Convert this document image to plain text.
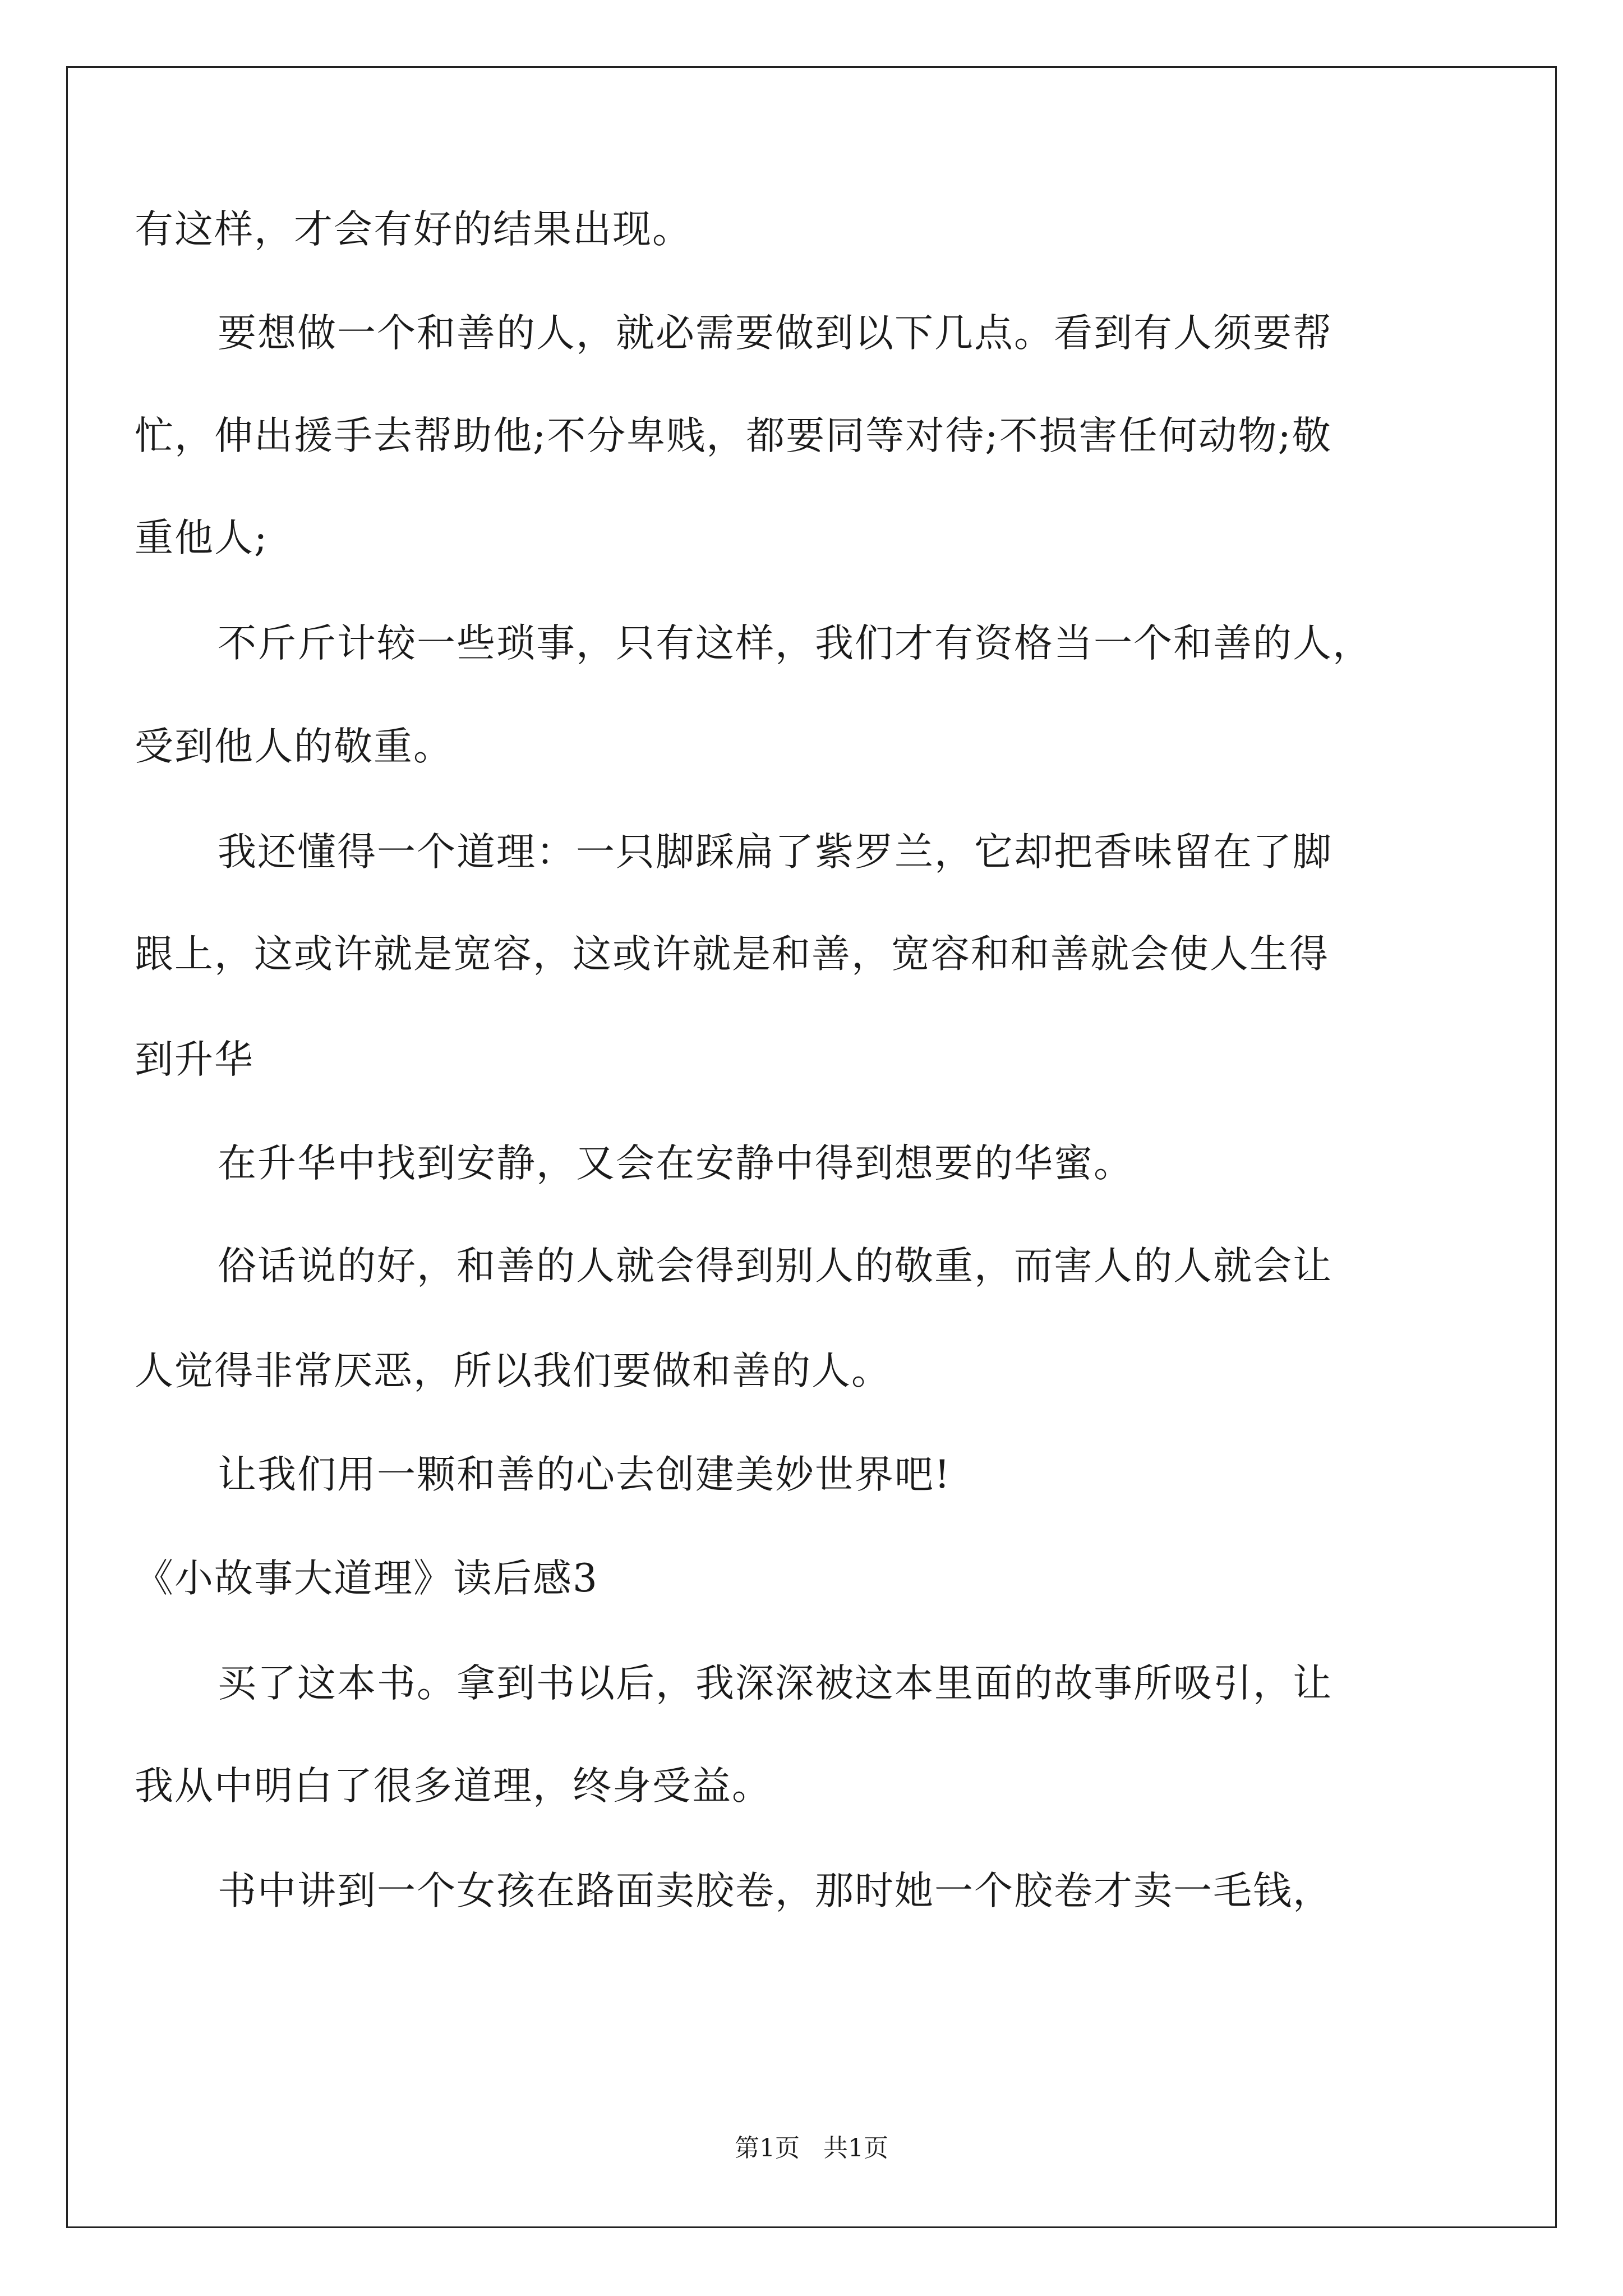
有这样，才会有好的结果出现。
要想做一个和善的人，就必需要做到以下几点。看到有人须要帮
忙，伸出援手去帮助他;不分卑贱，都要同等对待;不损害任何动物;敬
重他人;
不斤斤计较一些琐事，只有这样，我们才有资格当一个和善的人，
受到他人的敬重。
我还懂得一个道理：一只脚踩扁了紫罗兰，它却把香味留在了脚
跟上，这或许就是宽容，这或许就是和善，宽容和和善就会使人生得
到升华
在升华中找到安静，又会在安静中得到想要的华蜜。
俗话说的好，和善的人就会得到别人的敬重，而害人的人就会让
人觉得非常厌恶，所以我们要做和善的人。
让我们用一颗和善的心去创建美妙世界吧!
《小故事大道理》读后感3
买了这本书。拿到书以后，我深深被这本里面的故事所吸引，让
我从中明白了很多道理，终身受益。
书中讲到一个女孩在路面卖胶卷，那时她一个胶卷才卖一毛钱，
第1页   共1页
